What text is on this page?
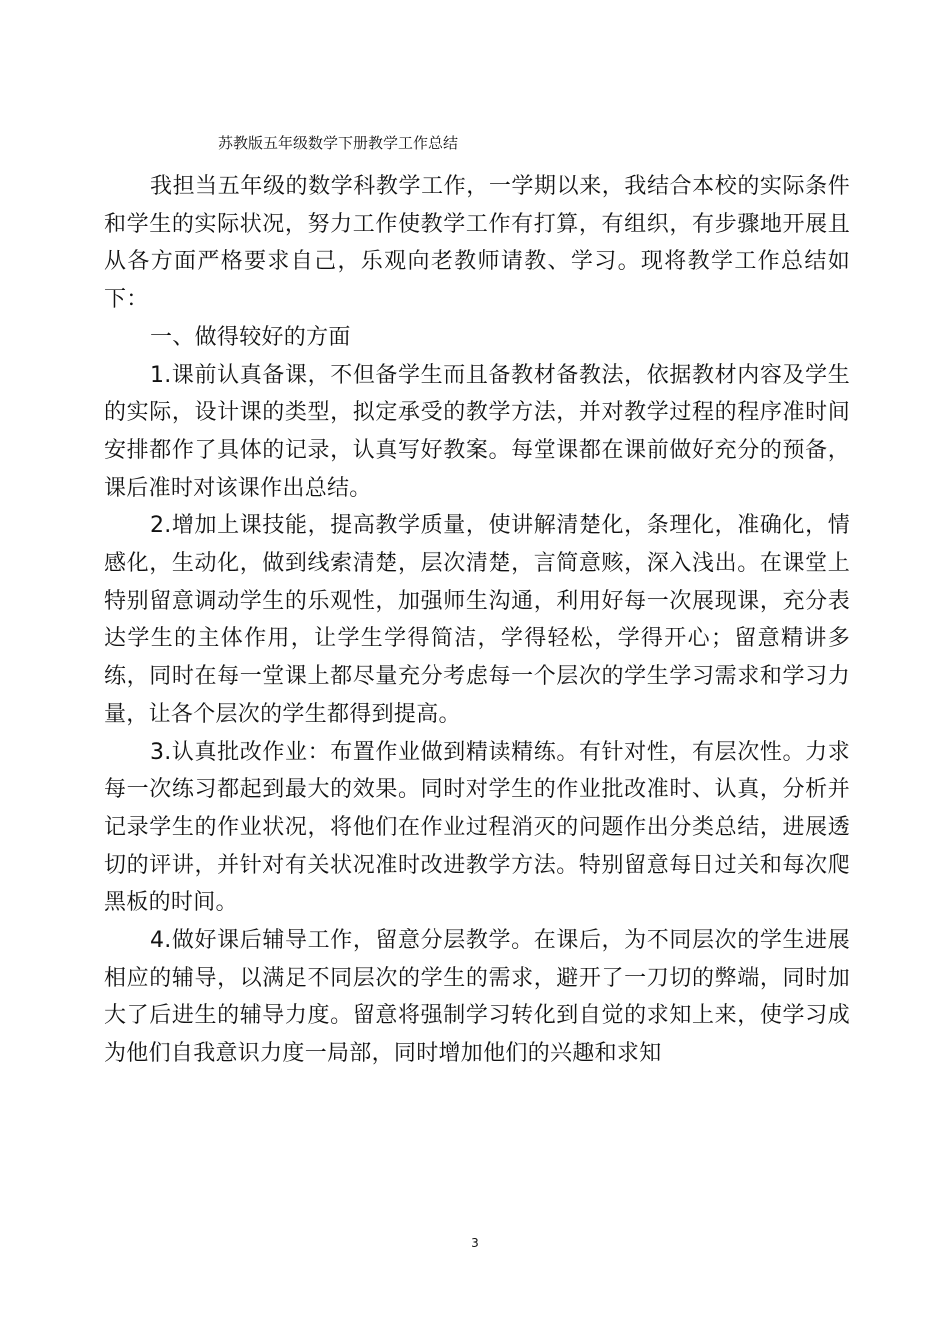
苏教版五年级数学下册教学工作总结

我担当五年级的数学科教学工作，一学期以来，我结合本校的实际条件和学生的实际状况，努力工作使教学工作有打算，有组织，有步骤地开展且从各方面严格要求自己，乐观向老教师请教、学习。现将教学工作总结如下：

一、做得较好的方面

1.课前认真备课，不但备学生而且备教材备教法，依据教材内容及学生的实际，设计课的类型，拟定承受的教学方法，并对教学过程的程序准时间安排都作了具体的记录，认真写好教案。每堂课都在课前做好充分的预备，课后准时对该课作出总结。

2.增加上课技能，提高教学质量，使讲解清楚化，条理化，准确化，情感化，生动化，做到线索清楚，层次清楚，言简意赅，深入浅出。在课堂上特别留意调动学生的乐观性，加强师生沟通，利用好每一次展现课，充分表达学生的主体作用，让学生学得简洁，学得轻松，学得开心；留意精讲多练，同时在每一堂课上都尽量充分考虑每一个层次的学生学习需求和学习力量，让各个层次的学生都得到提高。

3.认真批改作业：布置作业做到精读精练。有针对性，有层次性。力求每一次练习都起到最大的效果。同时对学生的作业批改准时、认真，分析并记录学生的作业状况，将他们在作业过程消灭的问题作出分类总结，进展透切的评讲，并针对有关状况准时改进教学方法。特别留意每日过关和每次爬黑板的时间。

4.做好课后辅导工作，留意分层教学。在课后，为不同层次的学生进展相应的辅导，以满足不同层次的学生的需求，避开了一刀切的弊端，同时加大了后进生的辅导力度。留意将强制学习转化到自觉的求知上来，使学习成为他们自我意识力度一局部，同时增加他们的兴趣和求知

3
